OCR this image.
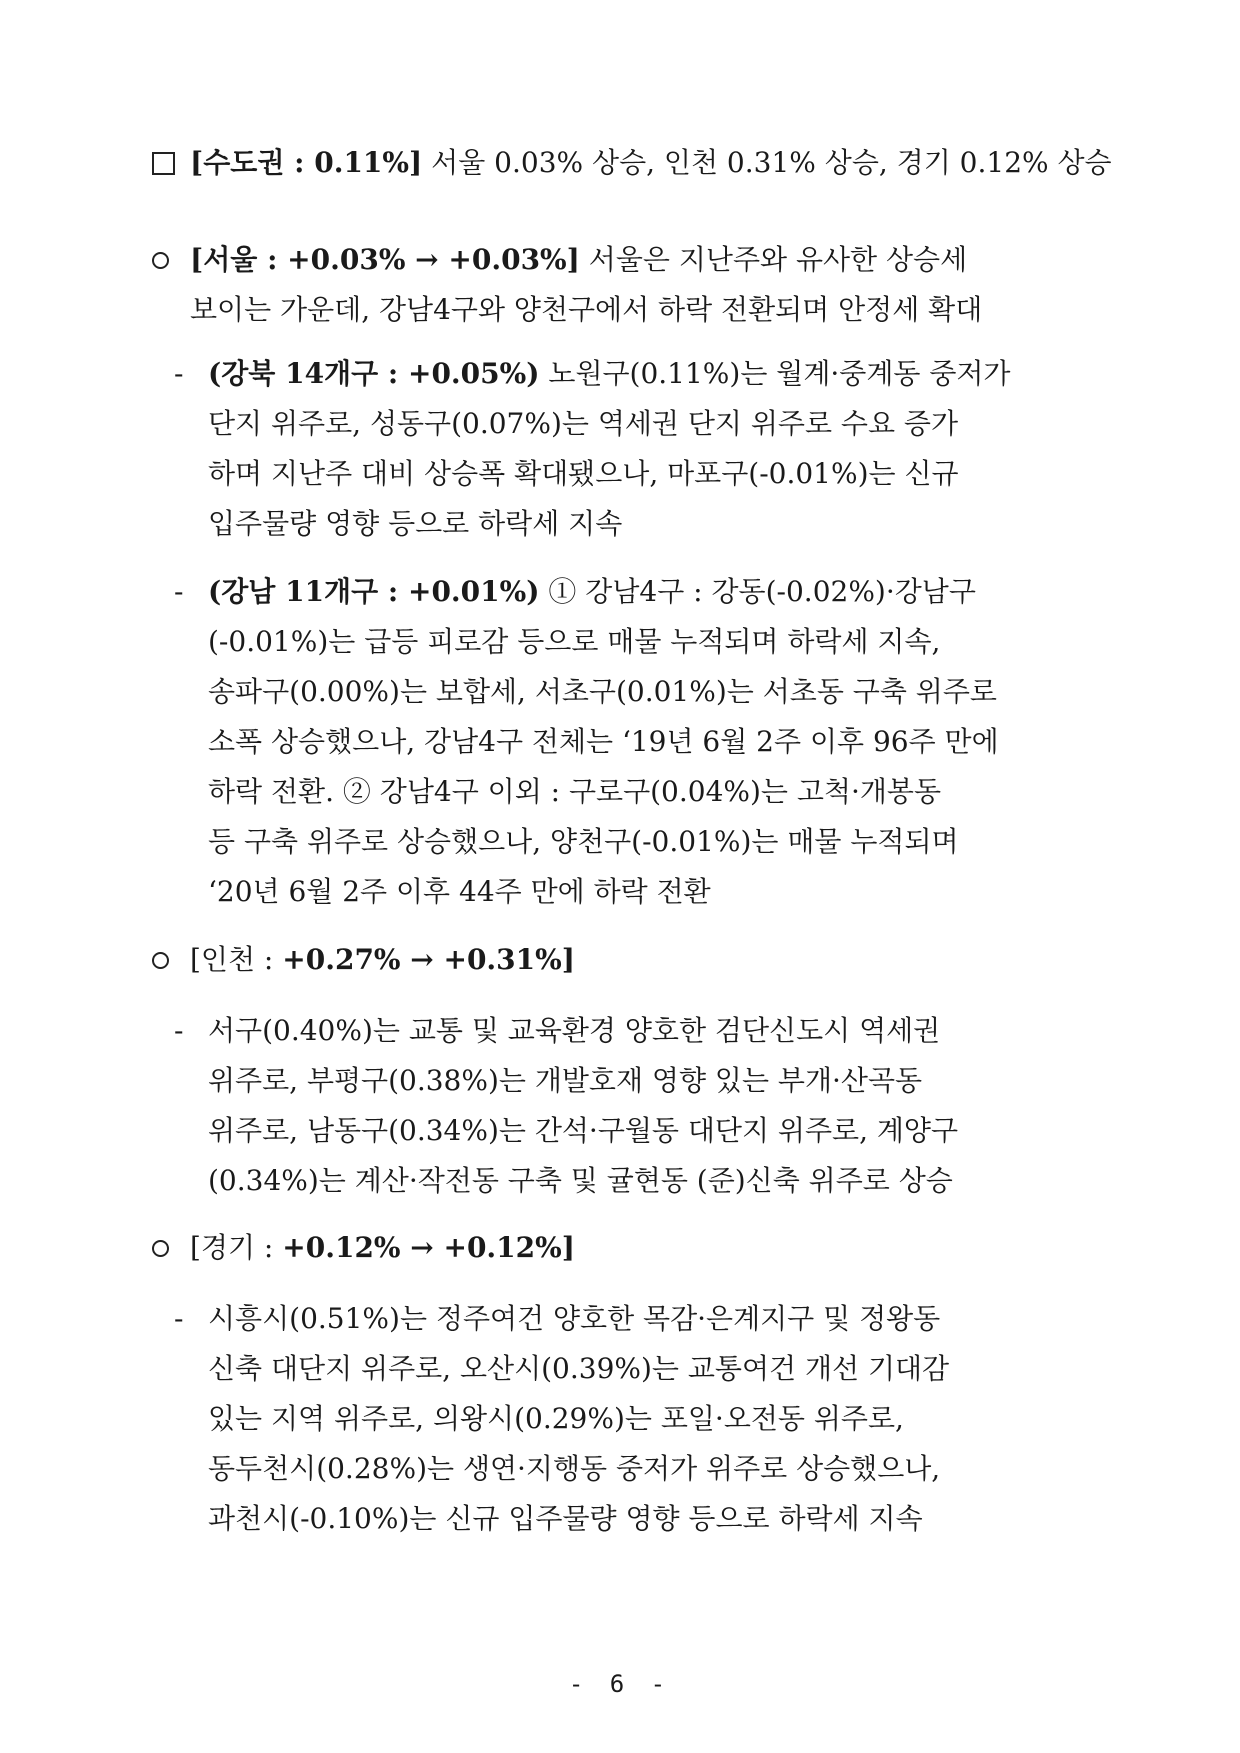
[수도권 : 0.11%] 서울 0.03% 상승, 인천 0.31% 상승, 경기 0.12% 상승
[서울 : +0.03% → +0.03%] 서울은 지난주와 유사한 상승세
보이는 가운데, 강남4구와 양천구에서 하락 전환되며 안정세 확대
- (강북 14개구 : +0.05%) 노원구(0.11%)는 월계·중계동 중저가
단지 위주로, 성동구(0.07%)는 역세권 단지 위주로 수요 증가
하며 지난주 대비 상승폭 확대됐으나, 마포구(-0.01%)는 신규
입주물량 영향 등으로 하락세 지속
- (강남 11개구 : +0.01%) ① 강남4구 : 강동(-0.02%)·강남구
(-0.01%)는 급등 피로감 등으로 매물 누적되며 하락세 지속,
송파구(0.00%)는 보합세, 서초구(0.01%)는 서초동 구축 위주로
소폭 상승했으나, 강남4구 전체는 ‘19년 6월 2주 이후 96주 만에
하락 전환. ② 강남4구 이외 : 구로구(0.04%)는 고척·개봉동
등 구축 위주로 상승했으나, 양천구(-0.01%)는 매물 누적되며
‘20년 6월 2주 이후 44주 만에 하락 전환
[인천 : +0.27% → +0.31%]
- 서구(0.40%)는 교통 및 교육환경 양호한 검단신도시 역세권
위주로, 부평구(0.38%)는 개발호재 영향 있는 부개·산곡동
위주로, 남동구(0.34%)는 간석·구월동 대단지 위주로, 계양구
(0.34%)는 계산·작전동 구축 및 귤현동 (준)신축 위주로 상승
[경기 : +0.12% → +0.12%]
- 시흥시(0.51%)는 정주여건 양호한 목감·은계지구 및 정왕동
신축 대단지 위주로, 오산시(0.39%)는 교통여건 개선 기대감
있는 지역 위주로, 의왕시(0.29%)는 포일·오전동 위주로,
동두천시(0.28%)는 생연·지행동 중저가 위주로 상승했으나,
과천시(-0.10%)는 신규 입주물량 영향 등으로 하락세 지속
- 6 -
